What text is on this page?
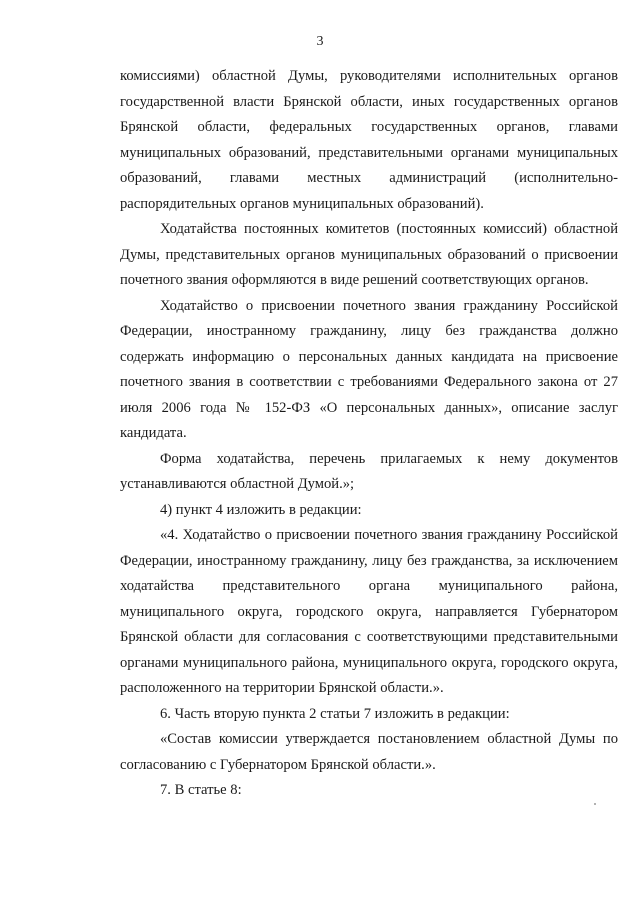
3

комиссиями) областной Думы, руководителями исполнительных органов государственной власти Брянской области, иных государственных органов Брянской области, федеральных государственных органов, главами муниципальных образований, представительными органами муниципальных образований, главами местных администраций (исполнительно-распорядительных органов муниципальных образований).

Ходатайства постоянных комитетов (постоянных комиссий) областной Думы, представительных органов муниципальных образований о присвоении почетного звания оформляются в виде решений соответствующих органов.

Ходатайство о присвоении почетного звания гражданину Российской Федерации, иностранному гражданину, лицу без гражданства должно содержать информацию о персональных данных кандидата на присвоение почетного звания в соответствии с требованиями Федерального закона от 27 июля 2006 года № 152-ФЗ «О персональных данных», описание заслуг кандидата.

Форма ходатайства, перечень прилагаемых к нему документов устанавливаются областной Думой.»;

4) пункт 4 изложить в редакции:

«4. Ходатайство о присвоении почетного звания гражданину Российской Федерации, иностранному гражданину, лицу без гражданства, за исключением ходатайства представительного органа муниципального района, муниципального округа, городского округа, направляется Губернатором Брянской области для согласования с соответствующими представительными органами муниципального района, муниципального округа, городского округа, расположенного на территории Брянской области.».

6. Часть вторую пункта 2 статьи 7 изложить в редакции:

«Состав комиссии утверждается постановлением областной Думы по согласованию с Губернатором Брянской области.».

7. В статье 8:
